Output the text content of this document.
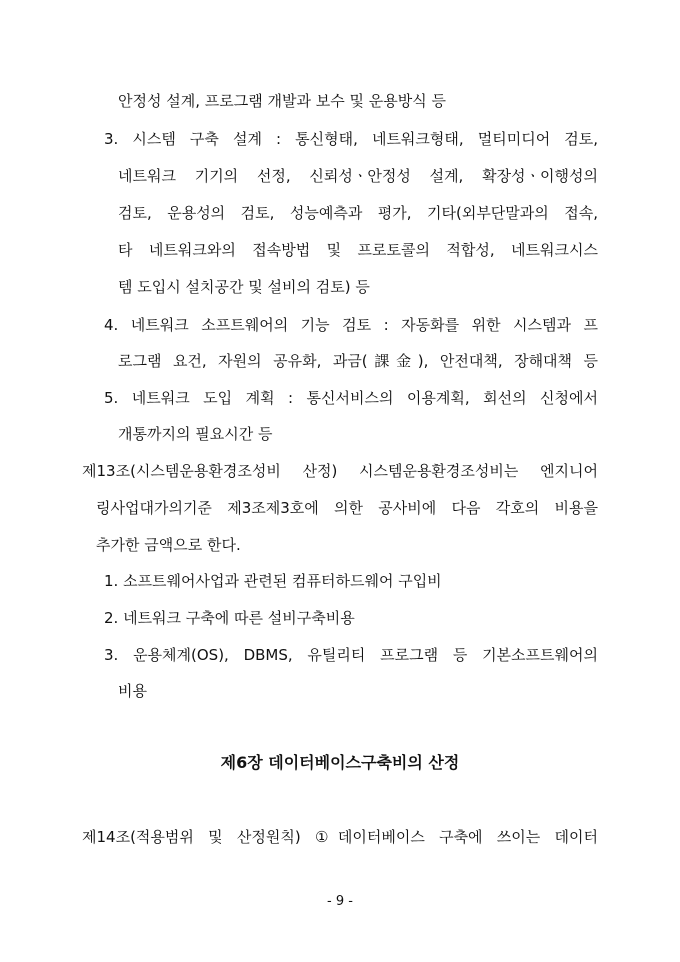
안정성 설계, 프로그램 개발과 보수 및 운용방식 등
3. 시스템 구축 설계 : 통신형태, 네트워크형태, 멀티미디어 검토,
네트워크 기기의 선정, 신뢰성ㆍ안정성 설계, 확장성ㆍ이행성의
검토, 운용성의 검토, 성능예측과 평가, 기타(외부단말과의 접속,
타 네트워크와의 접속방법 및 프로토콜의 적합성, 네트워크시스
템 도입시 설치공간 및 설비의 검토) 등
4. 네트워크 소프트웨어의 기능 검토 : 자동화를 위한 시스템과 프
로그램 요건, 자원의 공유화, 과금(課金), 안전대책, 장해대책 등
5. 네트워크 도입 계획 : 통신서비스의 이용계획, 회선의 신청에서
개통까지의 필요시간 등
제13조(시스템운용환경조성비 산정) 시스템운용환경조성비는 엔지니어
링사업대가의기준 제3조제3호에 의한 공사비에 다음 각호의 비용을
추가한 금액으로 한다.
1. 소프트웨어사업과 관련된 컴퓨터하드웨어 구입비
2. 네트워크 구축에 따른 설비구축비용
3. 운용체계(OS), DBMS, 유틸리티 프로그램 등 기본소프트웨어의
비용
제6장 데이터베이스구축비의 산정
제14조(적용범위 및 산정원칙) ①데이터베이스 구축에 쓰이는 데이터
- 9 -
